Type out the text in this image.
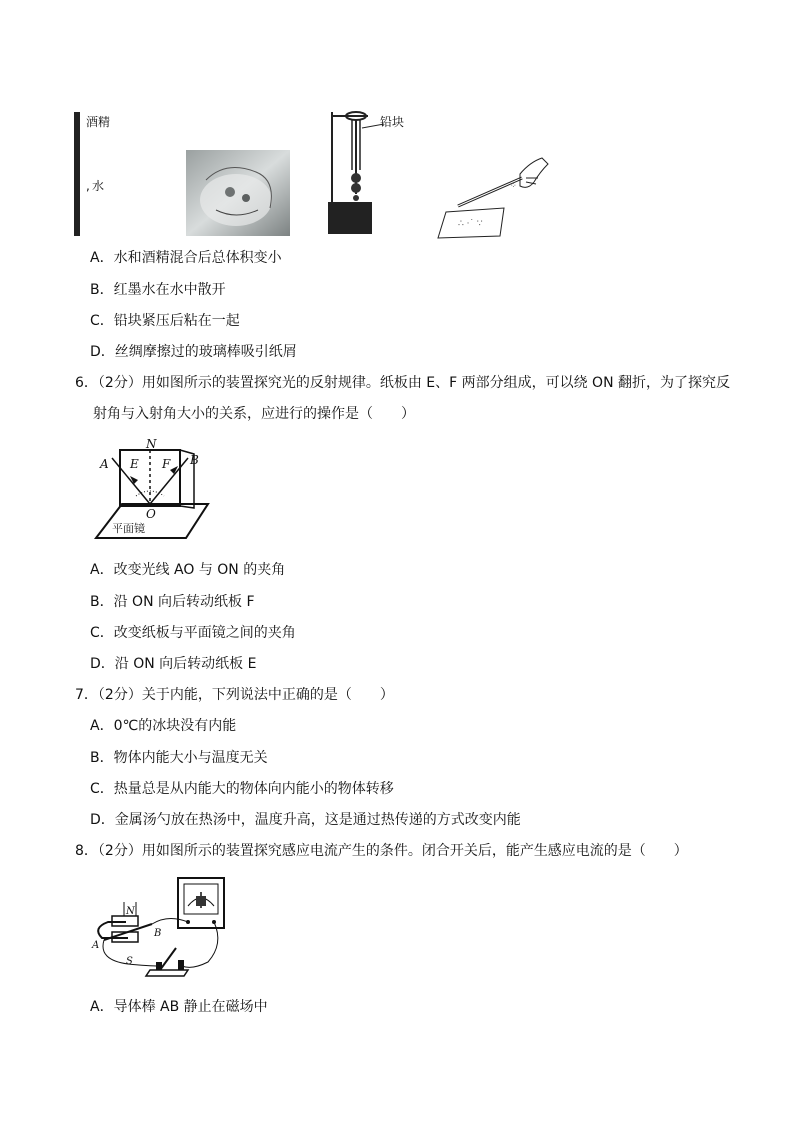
酒精
水
,
铅块
∴ ·˙ ∵
⁘
A．水和酒精混合后总体积变小
B．红墨水在水中散开
C．铅块紧压后粘在一起
D．丝绸摩擦过的玻璃棒吸引纸屑
6．（2分）用如图所示的装置探究光的反射规律。纸板由 E、F 两部分组成，可以绕 ON 翻折，为了探究反
射角与入射角大小的关系，应进行的操作是（　　）
N
A	B
E F
O
平面镜
A．改变光线 AO 与 ON 的夹角
B．沿 ON 向后转动纸板 F
C．改变纸板与平面镜之间的夹角
D．沿 ON 向后转动纸板 E
7．（2分）关于内能，下列说法中正确的是（　　）
A．0℃的冰块没有内能
B．物体内能大小与温度无关
C．热量总是从内能大的物体向内能小的物体转移
D．金属汤勺放在热汤中，温度升高，这是通过热传递的方式改变内能
8．（2分）用如图所示的装置探究感应电流产生的条件。闭合开关后，能产生感应电流的是（　　）
N
S
A
B
A．导体棒 AB 静止在磁场中
